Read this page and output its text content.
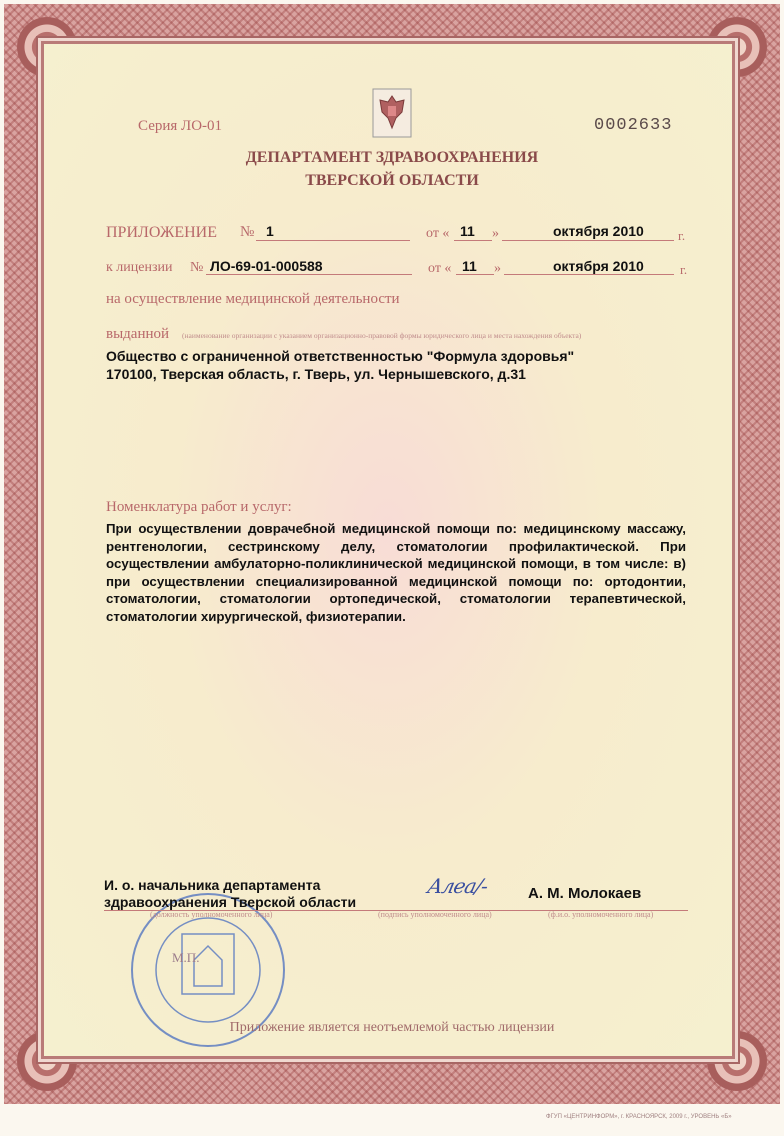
Серия ЛО-01	0002633
ДЕПАРТАМЕНТ ЗДРАВООХРАНЕНИЯ
ТВЕРСКОЙ ОБЛАСТИ
ПРИЛОЖЕНИЕ № 1	от « 11 »	октября 2010	г.
к лицензии № ЛО-69-01-000588	от « 11 »	октября 2010	г.
на осуществление медицинской деятельности
выданной (наименование организации с указанием организационно-правовой формы юридического лица и места нахождения объекта)
Общество с ограниченной ответственностью "Формула здоровья"
170100, Тверская область, г. Тверь, ул. Чернышевского, д.31
Номенклатура работ и услуг:
При осуществлении доврачебной медицинской помощи по: медицинскому массажу, рентгенологии, сестринскому делу, стоматологии профилактической. При осуществлении амбулаторно-поликлинической медицинской помощи, в том числе: в) при осуществлении специализированной медицинской помощи по: ортодонтии, стоматологии, стоматологии ортопедической, стоматологии терапевтической, стоматологии хирургической, физиотерапии.
М.П.
И. о. начальника департамента
здравоохранения Тверской области
(должность уполномоченного лица)
Алеа/-
(подпись уполномоченного лица)
А. М. Молокаев
(ф.и.о. уполномоченного лица)
Приложение является неотъемлемой частью лицензии
ФГУП «ЦЕНТРИНФОРМ», г. КРАСНОЯРСК, 2009 г., УРОВЕНЬ «Б»
